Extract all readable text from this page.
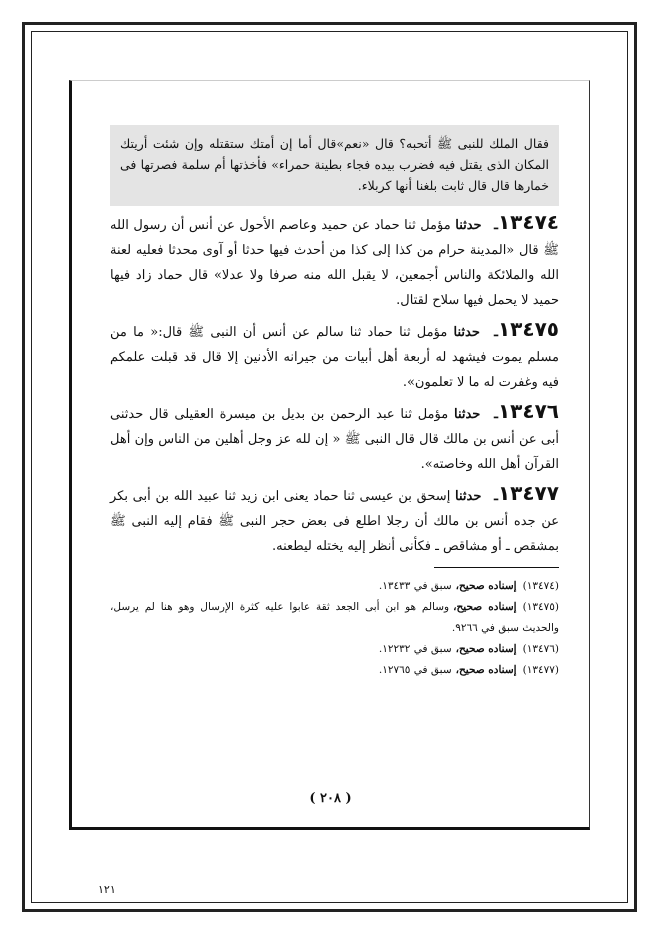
فقال الملك للنبى ﷺ أتحبه؟ قال «نعم»قال أما إن أمتك ستقتله وإن شئت أريتك المكان الذى يقتل فيه فضرب بيده فجاء بطينة حمراء» فأخذتها أم سلمة فصرتها فى خمارها قال قال ثابت بلغنا أنها كربلاء.
١٣٤٧٤ـ حدثنا مؤمل ثنا حماد عن حميد وعاصم الأحول عن أنس أن رسول الله ﷺ قال «المدينة حرام من كذا إلى كذا من أحدث فيها حدثا أو آوى محدثا فعليه لعنة الله والملائكة والناس أجمعين، لا يقبل الله منه صرفا ولا عدلا» قال حماد زاد فيها حميد لا يحمل فيها سلاح لقتال.
١٣٤٧٥ـ حدثنا مؤمل ثنا حماد ثنا سالم عن أنس أن النبى ﷺ قال:« ما من مسلم يموت فيشهد له أربعة أهل أبيات من جيرانه الأدنين إلا قال قد قبلت علمكم فيه وغفرت له ما لا تعلمون».
١٣٤٧٦ـ حدثنا مؤمل ثنا عبد الرحمن بن بديل بن ميسرة العقيلى قال حدثنى أبى عن أنس بن مالك قال قال النبى ﷺ « إن لله عز وجل أهلين من الناس وإن أهل القرآن أهل الله وخاصته».
١٣٤٧٧ـ حدثنا إسحق بن عيسى ثنا حماد يعنى ابن زيد ثنا عبيد الله بن أبى بكر عن جده أنس بن مالك أن رجلا اطلع فى بعض حجر النبى ﷺ فقام إليه النبى ﷺ بمشقص ـ أو مشاقص ـ فكأنى أنظر إليه يختله ليطعنه.
(١٣٤٧٤)إسناده صحيح،سبق في ١٣٤٣٣.
(١٣٤٧٥)إسناده صحيح،وسالم هو ابن أبى الجعد ثقة عابوا عليه كثرة الإرسال وهو هنا لم يرسل، والحديث سبق في ٩٢٦٦.
(١٣٤٧٦)إسناده صحيح،سبق في ١٢٢٣٢.
(١٣٤٧٧)إسناده صحيح،سبق في ١٢٧٦٥.
( ٢٠٨ )
١٢١
